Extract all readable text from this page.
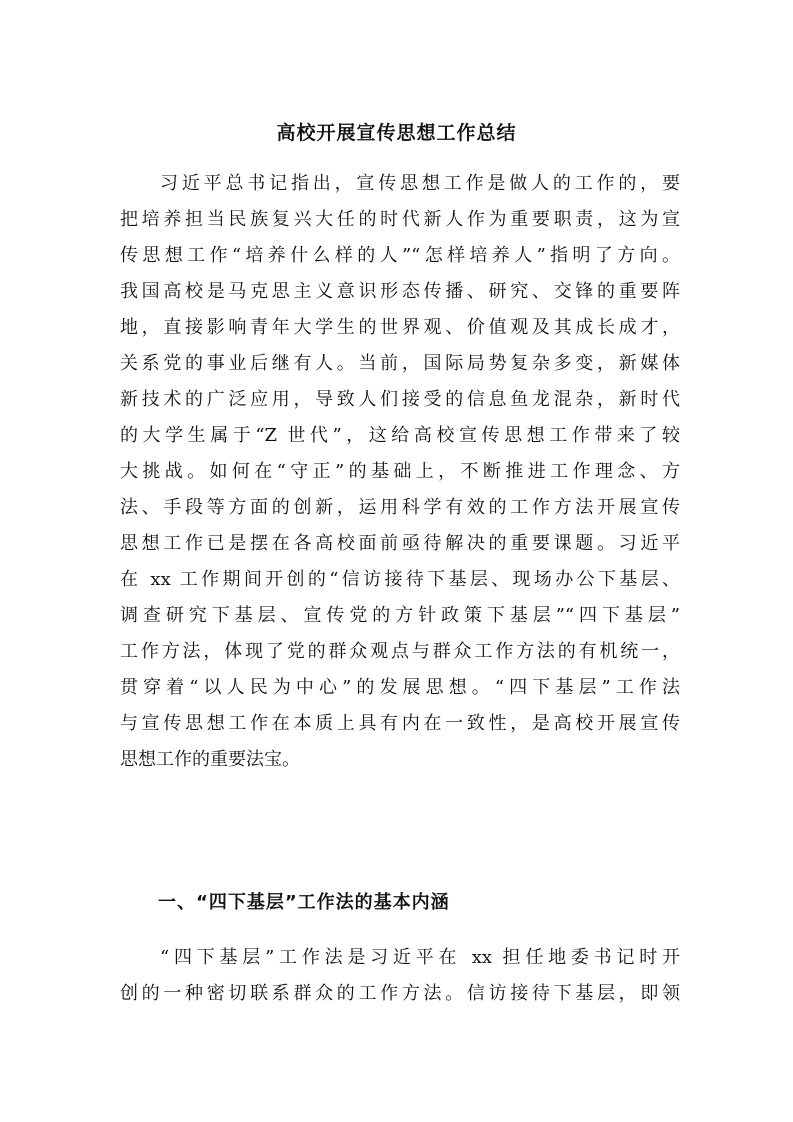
高校开展宣传思想工作总结
习近平总书记指出，宣传思想工作是做人的工作的，要
把培养担当民族复兴大任的时代新人作为重要职责，这为宣
传思想工作“培养什么样的人”“怎样培养人”指明了方向。
我国高校是马克思主义意识形态传播、研究、交锋的重要阵
地，直接影响青年大学生的世界观、价值观及其成长成才，
关系党的事业后继有人。当前，国际局势复杂多变，新媒体
新技术的广泛应用，导致人们接受的信息鱼龙混杂，新时代
的大学生属于“Z 世代”，这给高校宣传思想工作带来了较
大挑战。如何在“守正”的基础上，不断推进工作理念、方
法、手段等方面的创新，运用科学有效的工作方法开展宣传
思想工作已是摆在各高校面前亟待解决的重要课题。习近平
在 xx 工作期间开创的“信访接待下基层、现场办公下基层、
调查研究下基层、宣传党的方针政策下基层”“四下基层”
工作方法，体现了党的群众观点与群众工作方法的有机统一，
贯穿着“以人民为中心”的发展思想。“四下基层”工作法
与宣传思想工作在本质上具有内在一致性，是高校开展宣传
思想工作的重要法宝。
一、“四下基层”工作法的基本内涵
“四下基层”工作法是习近平在 xx 担任地委书记时开
创的一种密切联系群众的工作方法。信访接待下基层，即领
